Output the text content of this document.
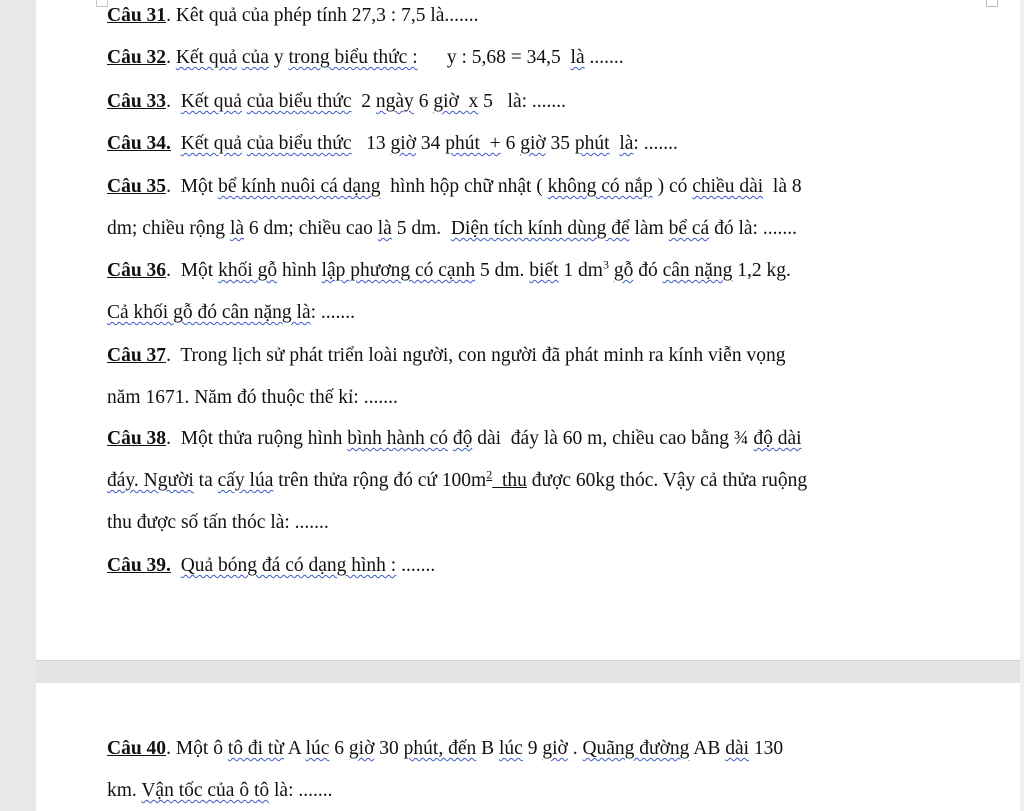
Câu 31. Kêt quả của phép tính 27,3 : 7,5 là.......
Câu 32. Kết quả của y trong biểu thức :      y : 5,68 = 34,5  là .......
Câu 33.  Kết quả của biểu thức  2 ngày 6 giờ  x 5   là: .......
Câu 34. Kết quả của biểu thức   13 giờ 34 phút  + 6 giờ 35 phút là: .......
Câu 35.  Một bể kính nuôi cá dạng  hình hộp chữ nhật ( không có nắp ) có chiều dài  là 8
dm; chiều rộng là 6 dm; chiều cao là 5 dm.  Diện tích kính dùng để làm bể cá đó là: .......
Câu 36.  Một khối gỗ hình lập phương có cạnh 5 dm. biết 1 $dm^3$ gỗ đó cân nặng 1,2 kg.
Cả khối gỗ đó cân nặng là: .......
Câu 37.  Trong lịch sử phát triển loài người, con người đã phát minh ra kính viễn vọng
năm 1671. Năm đó thuộc thế kỉ: .......
Câu 38.  Một thửa ruộng hình bình hành có độ dài  đáy là 60 m, chiều cao bằng ¾ độ dài
đáy. Người ta cấy lúa trên thửa rộng đó cứ $100m^2$ thu được 60kg thóc. Vậy cả thửa ruộng
thu được số tấn thóc là: .......
Câu 39. Quả bóng đá có dạng hình : .......
Câu 40. Một ô tô đi từ A lúc 6 giờ 30 phút, đến B lúc 9 giờ . Quãng đường AB dài 130
km. Vận tốc của ô tô là: .......
